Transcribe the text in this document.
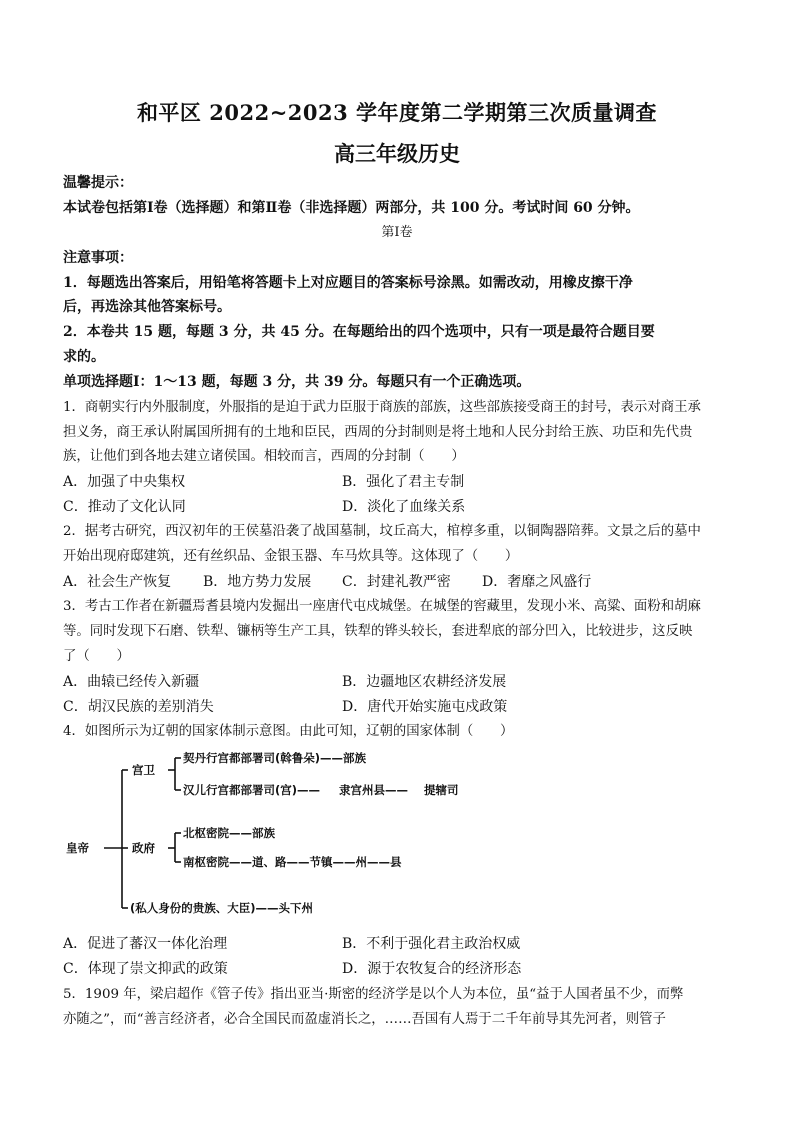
和平区 2022~2023 学年度第二学期第三次质量调查
高三年级历史
温馨提示：
本试卷包括第Ⅰ卷（选择题）和第Ⅱ卷（非选择题）两部分，共 100 分。考试时间 60 分钟。
第Ⅰ卷
注意事项：
1．每题选出答案后，用铅笔将答题卡上对应题目的答案标号涂黑。如需改动，用橡皮擦干净
后，再选涂其他答案标号。
2．本卷共 15 题，每题 3 分，共 45 分。在每题给出的四个选项中，只有一项是最符合题目要
求的。
单项选择题Ⅰ：1～13 题，每题 3 分，共 39 分。每题只有一个正确选项。
1．商朝实行内外服制度，外服指的是迫于武力臣服于商族的部族，这些部族接受商王的封号，表示对商王承
担义务，商王承认附属国所拥有的土地和臣民，西周的分封制则是将土地和人民分封给王族、功臣和先代贵
族，让他们到各地去建立诸侯国。相较而言，西周的分封制（　　）
A．加强了中央集权	B．强化了君主专制
C．推动了文化认同	D．淡化了血缘关系
2．据考古研究，西汉初年的王侯墓沿袭了战国墓制，坟丘高大，棺椁多重，以铜陶器陪葬。文景之后的墓中
开始出现府邸建筑，还有丝织品、金银玉器、车马炊具等。这体现了（　　）
A．社会生产恢复 B．地方势力发展 C．封建礼教严密 D．奢靡之风盛行
3．考古工作者在新疆焉耆县境内发掘出一座唐代屯戍城堡。在城堡的窖藏里，发现小米、高粱、面粉和胡麻
等。同时发现下石磨、铁犁、镰柄等生产工具，铁犁的铧头较长，套进犁底的部分凹入，比较进步，这反映
了（　　）
A．曲辕已经传入新疆	B．边疆地区农耕经济发展
C．胡汉民族的差别消失	D．唐代开始实施屯戍政策
4．如图所示为辽朝的国家体制示意图。由此可知，辽朝的国家体制（　　）
皇帝
宫卫
政府
契丹行宫都部署司(斡鲁朵)——部族
汉儿行宫都部署司(宫)—— 隶宫州县—— 提辖司
北枢密院——部族
南枢密院——道、路——节镇——州——县
(私人身份的贵族、大臣)——头下州
A．促进了蕃汉一体化治理	B．不利于强化君主政治权威
C．体现了崇文抑武的政策	D．源于农牧复合的经济形态
5．1909 年，梁启超作《管子传》指出亚当·斯密的经济学是以个人为本位，虽“益于人国者虽不少，而弊
亦随之”，而“善言经济者，必合全国民而盈虚消长之，……吾国有人焉于二千年前导其先河者，则管子
